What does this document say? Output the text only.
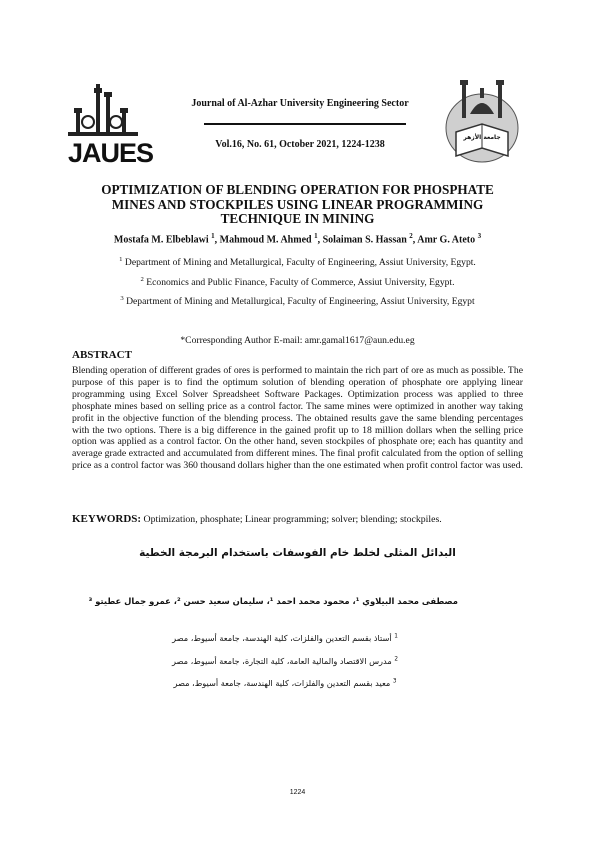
JAUES
Journal of Al-Azhar University Engineering Sector
Vol.16, No. 61, October 2021, 1224-1238
جامعة الأزهر
OPTIMIZATION OF BLENDING OPERATION FOR PHOSPHATE
MINES AND STOCKPILES USING LINEAR PROGRAMMING
TECHNIQUE IN MINING
Mostafa M. Elbeblawi $^1$, Mahmoud M. Ahmed $^1$, Solaiman S. Hassan $^2$, Amr G. Ateto $^3$
$^1$ Department of Mining and Metallurgical, Faculty of Engineering, Assiut University, Egypt.
$^2$ Economics and Public Finance, Faculty of Commerce, Assiut University, Egypt.
$^3$ Department of Mining and Metallurgical, Faculty of Engineering, Assiut University, Egypt
*Corresponding Author E-mail: amr.gamal1617@aun.edu.eg
ABSTRACT
Blending operation of different grades of ores is performed to maintain the rich part of ore as much as possible. The purpose of this paper is to find the optimum solution of blending operation of phosphate ore applying linear programming using Excel Solver Spreadsheet Software Packages. Optimization process was applied to three phosphate mines based on selling price as a control factor. The same mines were optimized in another way taking profit in the objective function of the blending process. The obtained results gave the same blending percentages with the two options. There is a big difference in the gained profit up to 18 million dollars when the selling price option was applied as a control factor. On the other hand, seven stockpiles of phosphate ore; each has quantity and average grade extracted and accumulated from different mines. The final profit calculated from the option of selling price as a control factor was 360 thousand dollars higher than the one estimated when profit control factor was used.
KEYWORDS: Optimization, phosphate; Linear programming; solver; blending; stockpiles.
البدائل المثلى لخلط خام الفوسفات باستخدام البرمجة الخطية
مصطفى محمد البيلاوي ¹، محمود محمد احمد ¹، سليمان سعيد حسن ²، عمرو جمال عطيتو ³
$^1$ أستاذ بقسم التعدين والفلزات، كلية الهندسة، جامعة أسيوط، مصر
$^2$ مدرس الاقتصاد والمالية العامة، كلية التجارة، جامعة أسيوط، مصر
$^3$ معيد بقسم التعدين والفلزات، كلية الهندسة، جامعة أسيوط، مصر
1224
